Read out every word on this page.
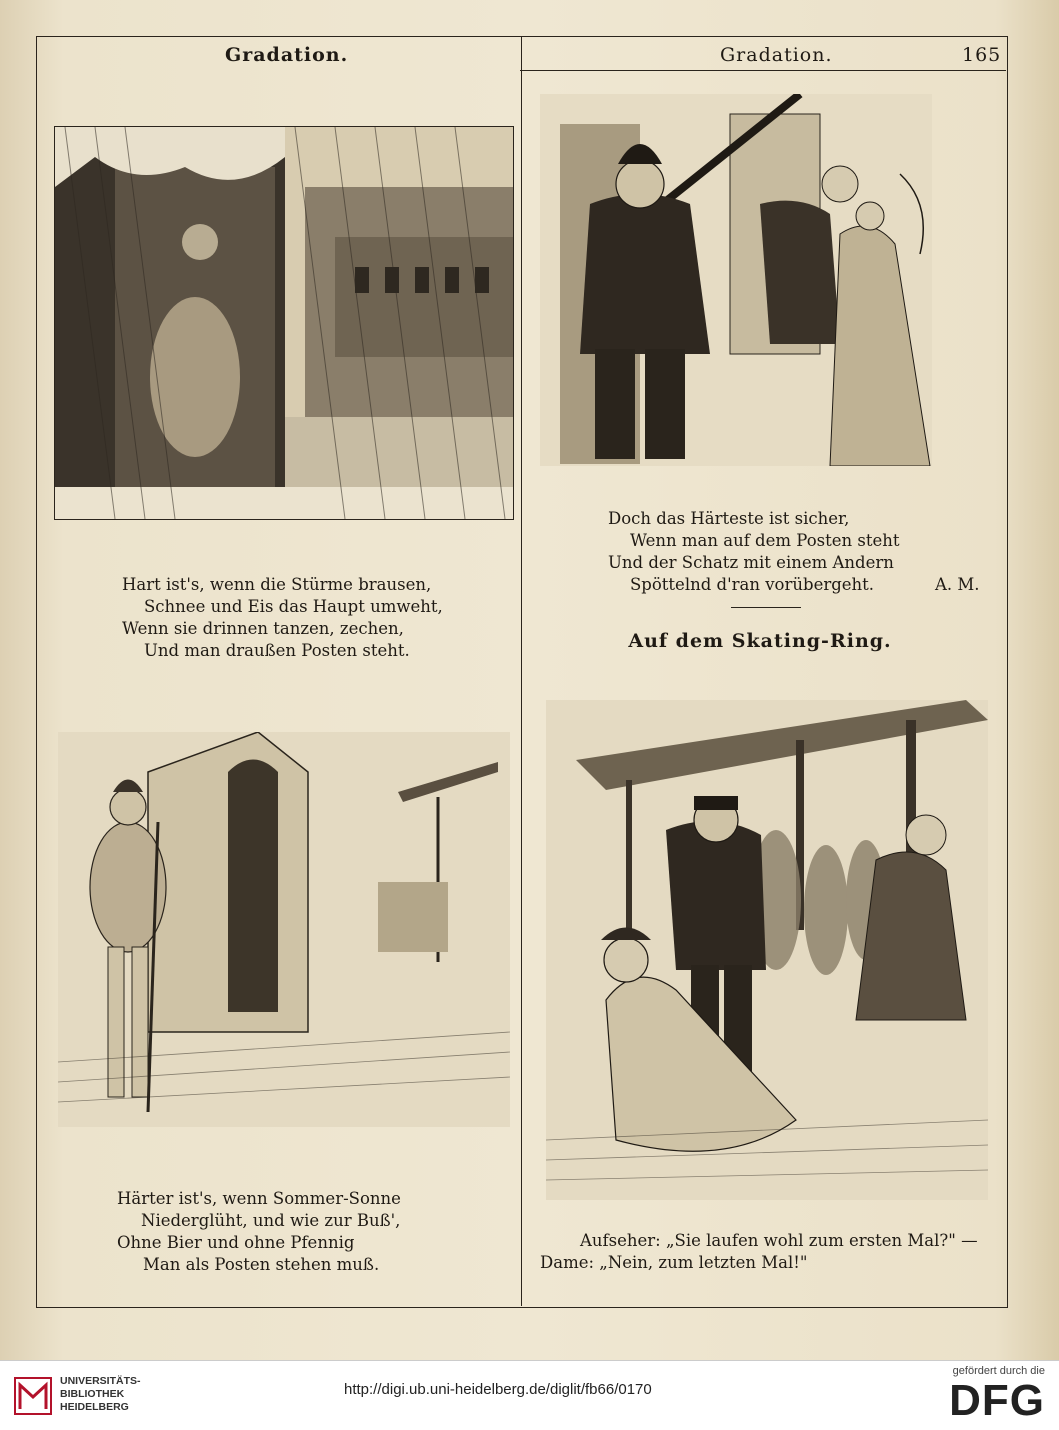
Gradation.	Gradation.	165
Hart ist's, wenn die Stürme brausen,
Schnee und Eis das Haupt umweht,
Wenn sie drinnen tanzen, zechen,
Und man draußen Posten steht.
Härter ist's, wenn Sommer-Sonne
Niederglüht, und wie zur Buß',
Ohne Bier und ohne Pfennig
Man als Posten stehen muß.
Doch das Härteste ist sicher,
Wenn man auf dem Posten steht
Und der Schatz mit einem Andern
Spöttelnd d'ran vorübergeht.	A. M.
Auf dem Skating-Ring.
Aufseher: „Sie laufen wohl zum ersten Mal?" —
Dame: „Nein, zum letzten Mal!"
UNIVERSITÄTS-
BIBLIOTHEK
HEIDELBERG
http://digi.ub.uni-heidelberg.de/diglit/fb66/0170
gefördert durch die
DFG
